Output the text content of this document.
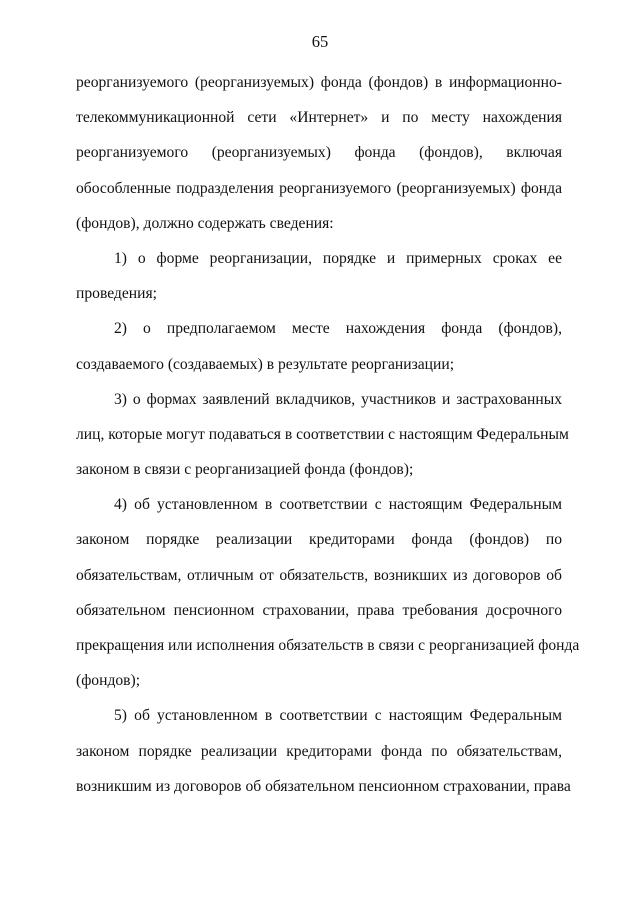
65
реорганизуемого (реорганизуемых) фонда (фондов) в информационно-
телекоммуникационной сети «Интернет» и по месту нахождения
реорганизуемого (реорганизуемых) фонда (фондов), включая
обособленные подразделения реорганизуемого (реорганизуемых) фонда
(фондов), должно содержать сведения:
1) о форме реорганизации, порядке и примерных сроках ее
проведения;
2) о предполагаемом месте нахождения фонда (фондов),
создаваемого (создаваемых) в результате реорганизации;
3) о формах заявлений вкладчиков, участников и застрахованных
лиц, которые могут подаваться в соответствии с настоящим Федеральным
законом в связи с реорганизацией фонда (фондов);
4) об установленном в соответствии с настоящим Федеральным
законом порядке реализации кредиторами фонда (фондов) по
обязательствам, отличным от обязательств, возникших из договоров об
обязательном пенсионном страховании, права требования досрочного
прекращения или исполнения обязательств в связи с реорганизацией фонда
(фондов);
5) об установленном в соответствии с настоящим Федеральным
законом порядке реализации кредиторами фонда по обязательствам,
возникшим из договоров об обязательном пенсионном страховании, права
